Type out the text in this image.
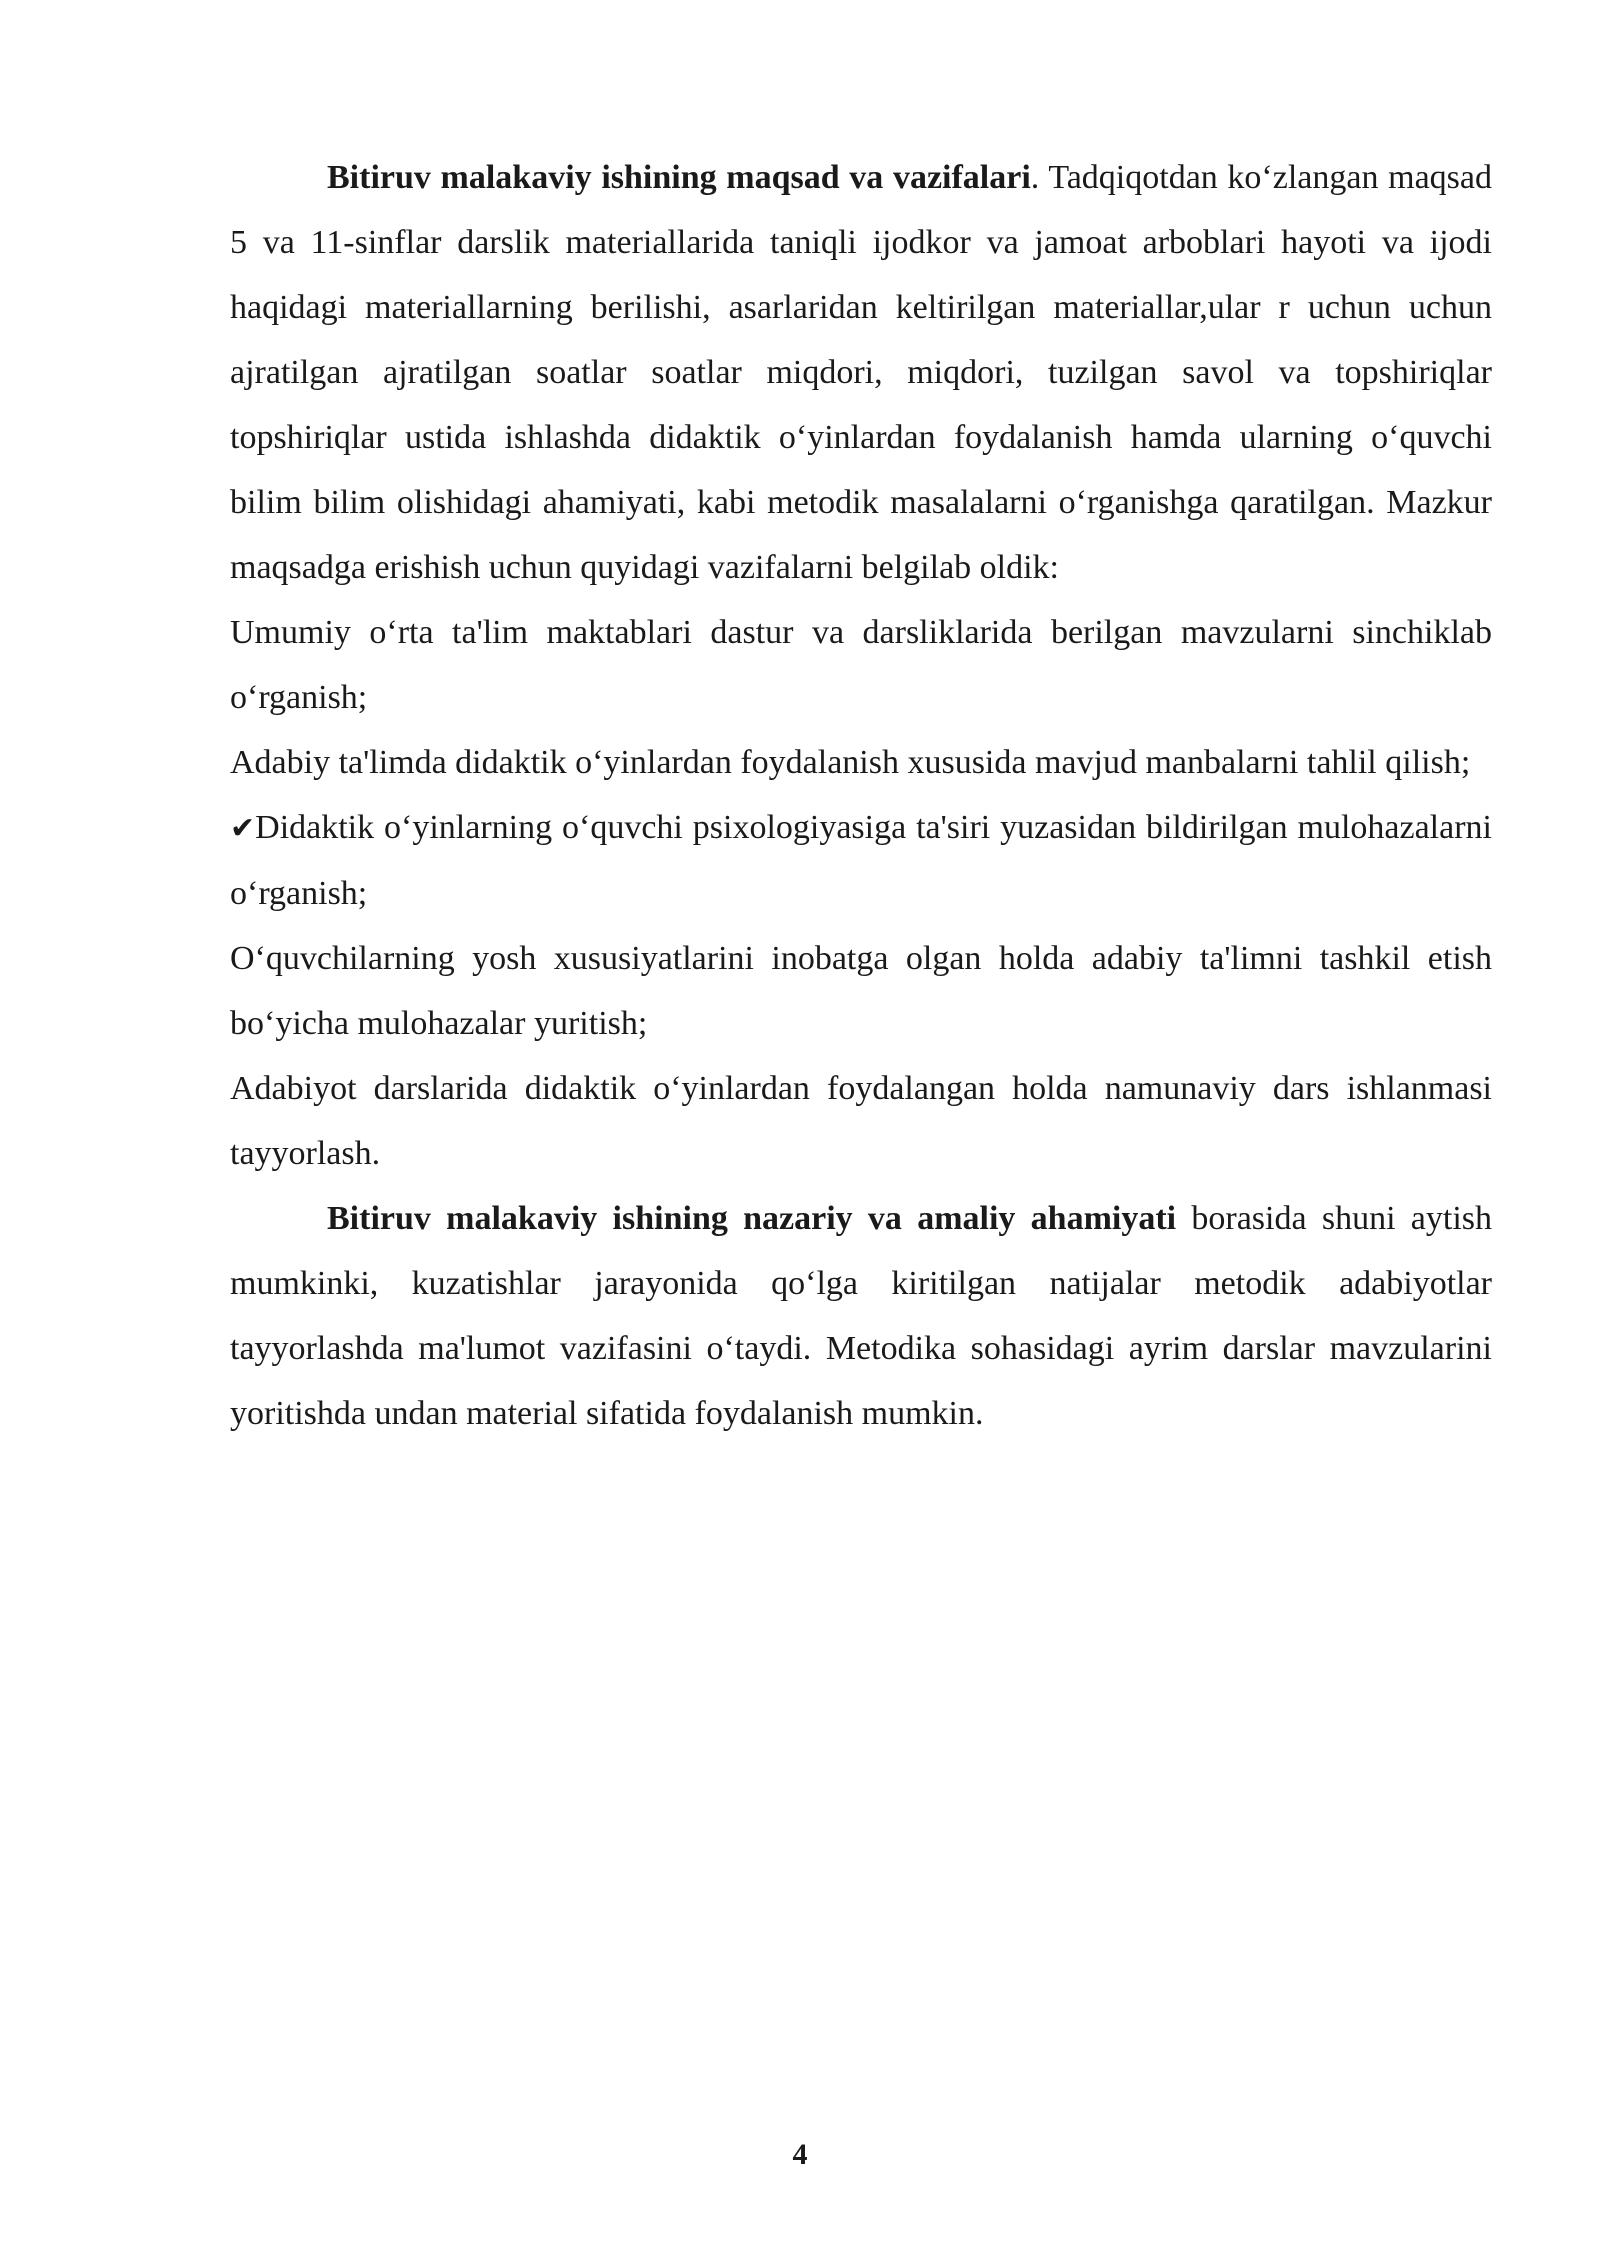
Bitiruv malakaviy ishining maqsad va vazifalari. Tadqiqotdan ko‘zlangan maqsad 5 va 11-sinflar darslik materiallarida taniqli ijodkor va jamoat arboblari hayoti va ijodi haqidagi materiallarning berilishi, asarlaridan keltirilgan materiallar,ular r uchun uchun ajratilgan ajratilgan soatlar soatlar miqdori, miqdori, tuzilgan savol va topshiriqlar topshiriqlar ustida ishlashda didaktik o‘yinlardan foydalanish hamda ularning o‘quvchi bilim bilim olishidagi ahamiyati, kabi metodik masalalarni o‘rganishga qaratilgan. Mazkur maqsadga erishish uchun quyidagi vazifalarni belgilab oldik:

Umumiy o‘rta ta'lim maktablari dastur va darsliklarida berilgan mavzularni sinchiklab o‘rganish;

Adabiy ta'limda didaktik o‘yinlardan foydalanish xususida mavjud manbalarni tahlil qilish;

✔Didaktik o‘yinlarning o‘quvchi psixologiyasiga ta'siri yuzasidan bildirilgan mulohazalarni o‘rganish;

O‘quvchilarning yosh xususiyatlarini inobatga olgan holda adabiy ta'limni tashkil etish bo‘yicha mulohazalar yuritish;

Adabiyot darslarida didaktik o‘yinlardan foydalangan holda namunaviy dars ishlanmasi tayyorlash.

Bitiruv malakaviy ishining nazariy va amaliy ahamiyati borasida shuni aytish mumkinki, kuzatishlar jarayonida qo‘lga kiritilgan natijalar metodik adabiyotlar tayyorlashda ma'lumot vazifasini o‘taydi. Metodika sohasidagi ayrim darslar mavzularini yoritishda undan material sifatida foydalanish mumkin.

4
